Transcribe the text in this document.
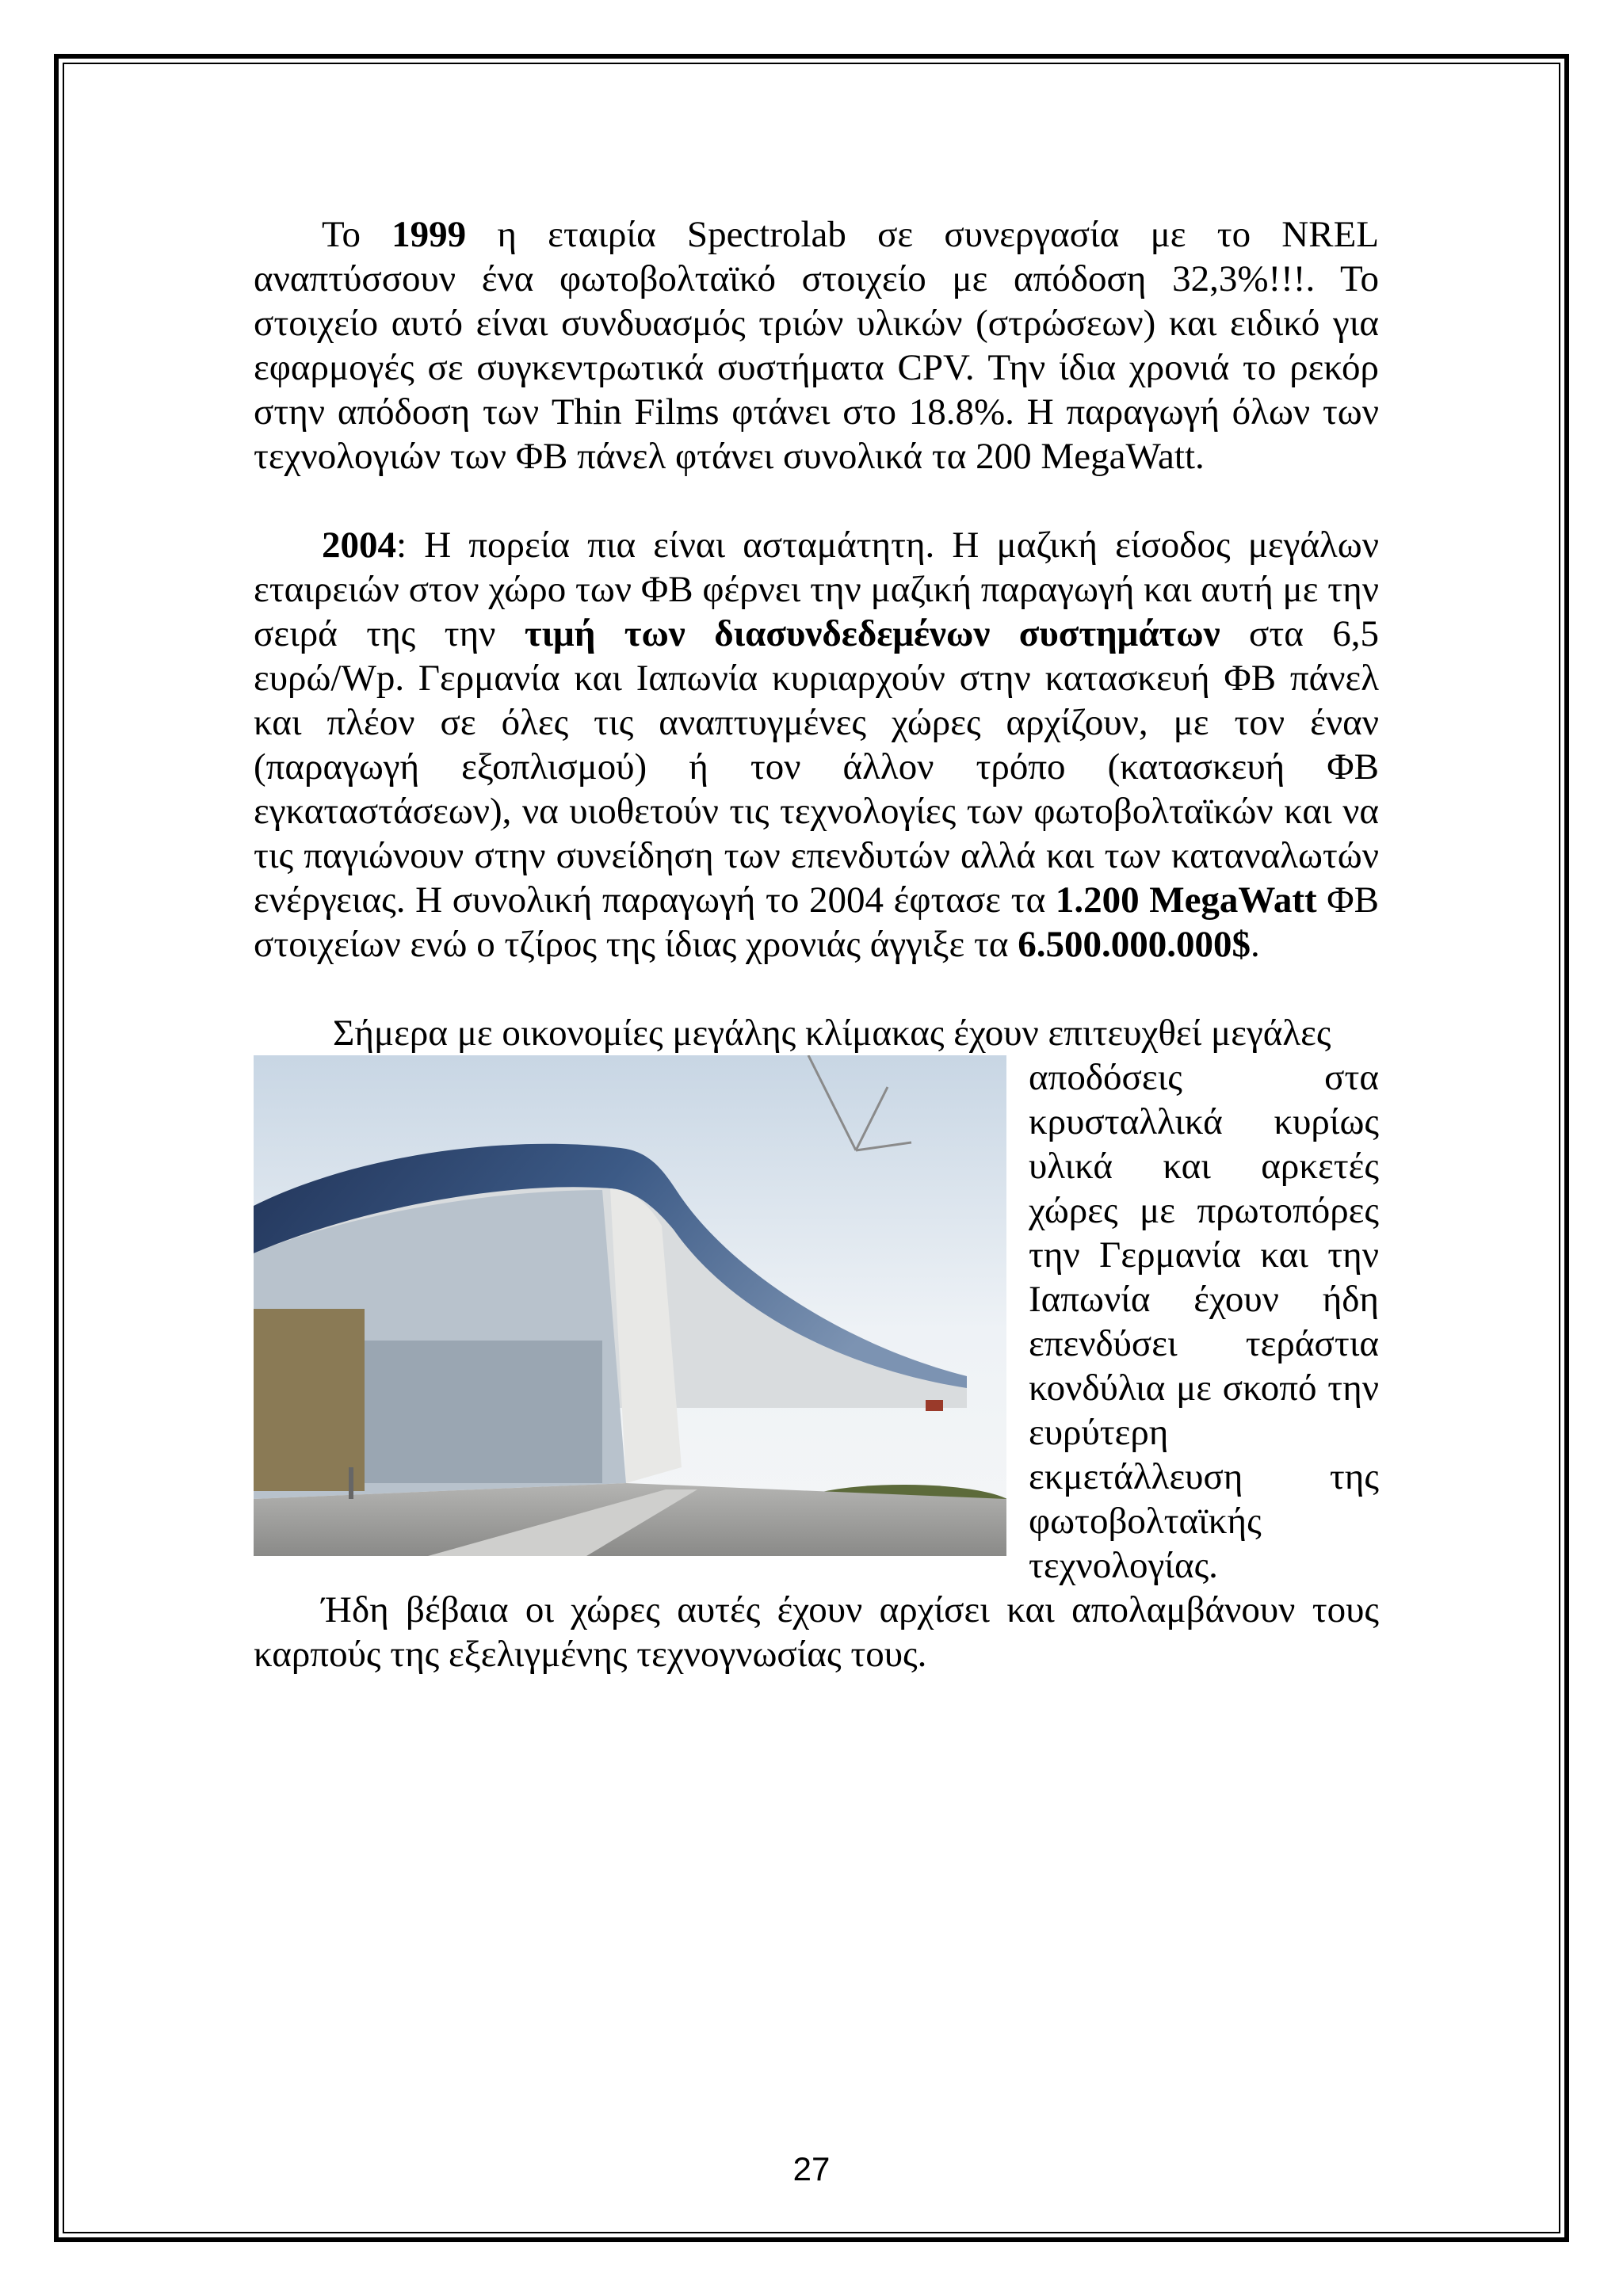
Το 1999 η εταιρία Spectrolab σε συνεργασία με το NREL αναπτύσσουν ένα φωτοβολταϊκό στοιχείο με απόδοση 32,3%!!!. Το στοιχείο αυτό είναι συνδυασμός τριών υλικών (στρώσεων) και ειδικό για εφαρμογές σε συγκεντρωτικά συστήματα CPV. Την ίδια χρονιά το ρεκόρ στην απόδοση των Thin Films φτάνει στο 18.8%. Η παραγωγή όλων των τεχνολογιών των ΦΒ πάνελ φτάνει συνολικά τα 200 MegaWatt.

2004: Η πορεία πια είναι ασταμάτητη. Η μαζική είσοδος μεγάλων εταιρειών στον χώρο των ΦΒ φέρνει την μαζική παραγωγή και αυτή με την σειρά της την τιμή των διασυνδεδεμένων συστημάτων στα 6,5 ευρώ/Wp. Γερμανία και Ιαπωνία κυριαρχούν στην κατασκευή ΦΒ πάνελ και πλέον σε όλες τις αναπτυγμένες χώρες αρχίζουν, με τον έναν (παραγωγή εξοπλισμού) ή τον άλλον τρόπο (κατασκευή ΦΒ εγκαταστάσεων), να υιοθετούν τις τεχνολογίες των φωτοβολταϊκών και να τις παγιώνουν στην συνείδηση των επενδυτών αλλά και των καταναλωτών ενέργειας. Η συνολική παραγωγή το 2004 έφτασε τα 1.200 MegaWatt ΦΒ στοιχείων ενώ ο τζίρος της ίδιας χρονιάς άγγιξε τα 6.500.000.000$.

Σήμερα με οικονομίες μεγάλης κλίμακας έχουν επιτευχθεί μεγάλες

αποδόσεις στα κρυσταλλικά κυρίως υλικά και αρκετές χώρες με πρωτοπόρες την Γερμανία και την Ιαπωνία έχουν ήδη επενδύσει τεράστια κονδύλια με σκοπό την ευρύτερη εκμετάλλευση της φωτοβολταϊκής τεχνολογίας.

Ήδη βέβαια οι χώρες αυτές έχουν αρχίσει και απολαμβάνουν τους καρπούς της εξελιγμένης τεχνογνωσίας τους.

27
